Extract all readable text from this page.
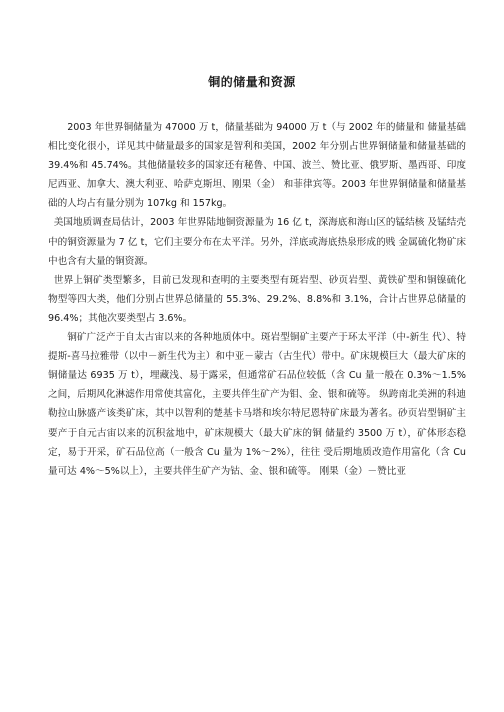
铜的储量和资源

2003 年世界铜储量为 47000 万 t，储量基础为 94000 万 t（与 2002 年的储量和 储量基础相比变化很小，详见其中储量最多的国家是智利和美国，2002 年分别占世界铜储量和储量基础的 39.4%和 45.74%。其他储量较多的国家还有秘鲁、中国、波兰、赞比亚、俄罗斯、墨西哥、印度尼西亚、加拿大、澳大利亚、哈萨克斯坦、刚果（金） 和菲律宾等。2003 年世界铜储量和储量基础的人均占有量分别为 107kg 和 157kg。

美国地质调查局估计，2003 年世界陆地铜资源量为 16 亿 t，深海底和海山区的锰结核 及锰结壳中的铜资源量为 7 亿 t，它们主要分布在太平洋。另外，洋底或海底热泉形成的贱 金属硫化物矿床中也含有大量的铜资源。

世界上铜矿类型繁多，目前已发现和查明的主要类型有斑岩型、砂页岩型、黄铁矿型和铜镍硫化物型等四大类，他们分别占世界总储量的 55.3%、29.2%、8.8%和 3.1%，合计占世界总储量的 96.4%；其他次要类型占 3.6%。

铜矿广泛产于自太古宙以来的各种地质体中。斑岩型铜矿主要产于环太平洋（中-新生 代）、特提斯-喜马拉雅带（以中－新生代为主）和中亚－蒙古（古生代）带中。矿床规模巨大（最大矿床的铜储量达 6935 万 t），埋藏浅、易于露采，但通常矿石品位较低（含 Cu 量一般在 0.3%～1.5%之间，后期风化淋滤作用常使其富化，主要共伴生矿产为钼、金、银和硫等。 纵跨南北美洲的科迪勒拉山脉盛产该类矿床，其中以智利的楚基卡马塔和埃尔特尼恩特矿床最为著名。砂页岩型铜矿主要产于自元古宙以来的沉积盆地中，矿床规模大（最大矿床的铜 储量约 3500 万 t），矿体形态稳定，易于开采，矿石品位高（一般含 Cu 量为 1%～2%），往往 受后期地质改造作用富化（含 Cu 量可达 4%～5%以上），主要共伴生矿产为钴、金、银和硫等。 刚果（金）－赞比亚
